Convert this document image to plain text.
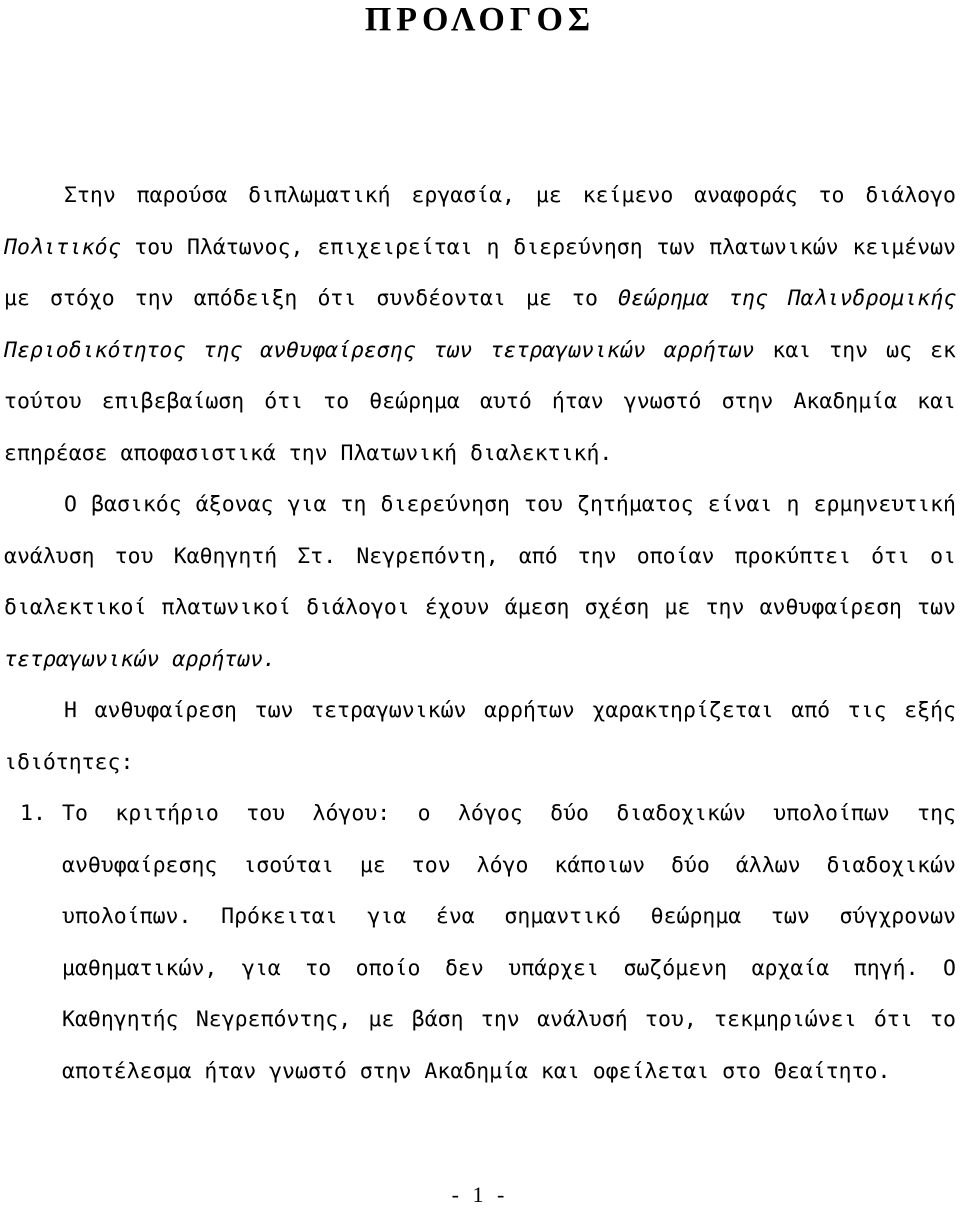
ΠΡΟΛΟΓΟΣ

Στην παρούσα διπλωματική εργασία, με κείμενο αναφοράς το διάλογο Πολιτικός του Πλάτωνος, επιχειρείται η διερεύνηση των πλατωνικών κειμένων με στόχο την απόδειξη ότι συνδέονται με το Θεώρημα της Παλινδρομικής Περιοδικότητος της ανθυφαίρεσης των τετραγωνικών αρρήτων και την ως εκ τούτου επιβεβαίωση ότι το θεώρημα αυτό ήταν γνωστό στην Ακαδημία και επηρέασε αποφασιστικά την Πλατωνική διαλεκτική.

Ο βασικός άξονας για τη διερεύνηση του ζητήματος είναι η ερμηνευτική ανάλυση του Καθηγητή Στ. Νεγρεπόντη, από την οποίαν προκύπτει ότι οι διαλεκτικοί πλατωνικοί διάλογοι έχουν άμεση σχέση με την ανθυφαίρεση των τετραγωνικών αρρήτων.

Η ανθυφαίρεση των τετραγωνικών αρρήτων χαρακτηρίζεται από τις εξής ιδιότητες:

1. Το κριτήριο του λόγου: ο λόγος δύο διαδοχικών υπολοίπων της ανθυφαίρεσης ισούται με τον λόγο κάποιων δύο άλλων διαδοχικών υπολοίπων. Πρόκειται για ένα σημαντικό θεώρημα των σύγχρονων μαθηματικών, για το οποίο δεν υπάρχει σωζόμενη αρχαία πηγή. Ο Καθηγητής Νεγρεπόντης, με βάση την ανάλυσή του, τεκμηριώνει ότι το αποτέλεσμα ήταν γνωστό στην Ακαδημία και οφείλεται στο Θεαίτητο.

- 1 -
